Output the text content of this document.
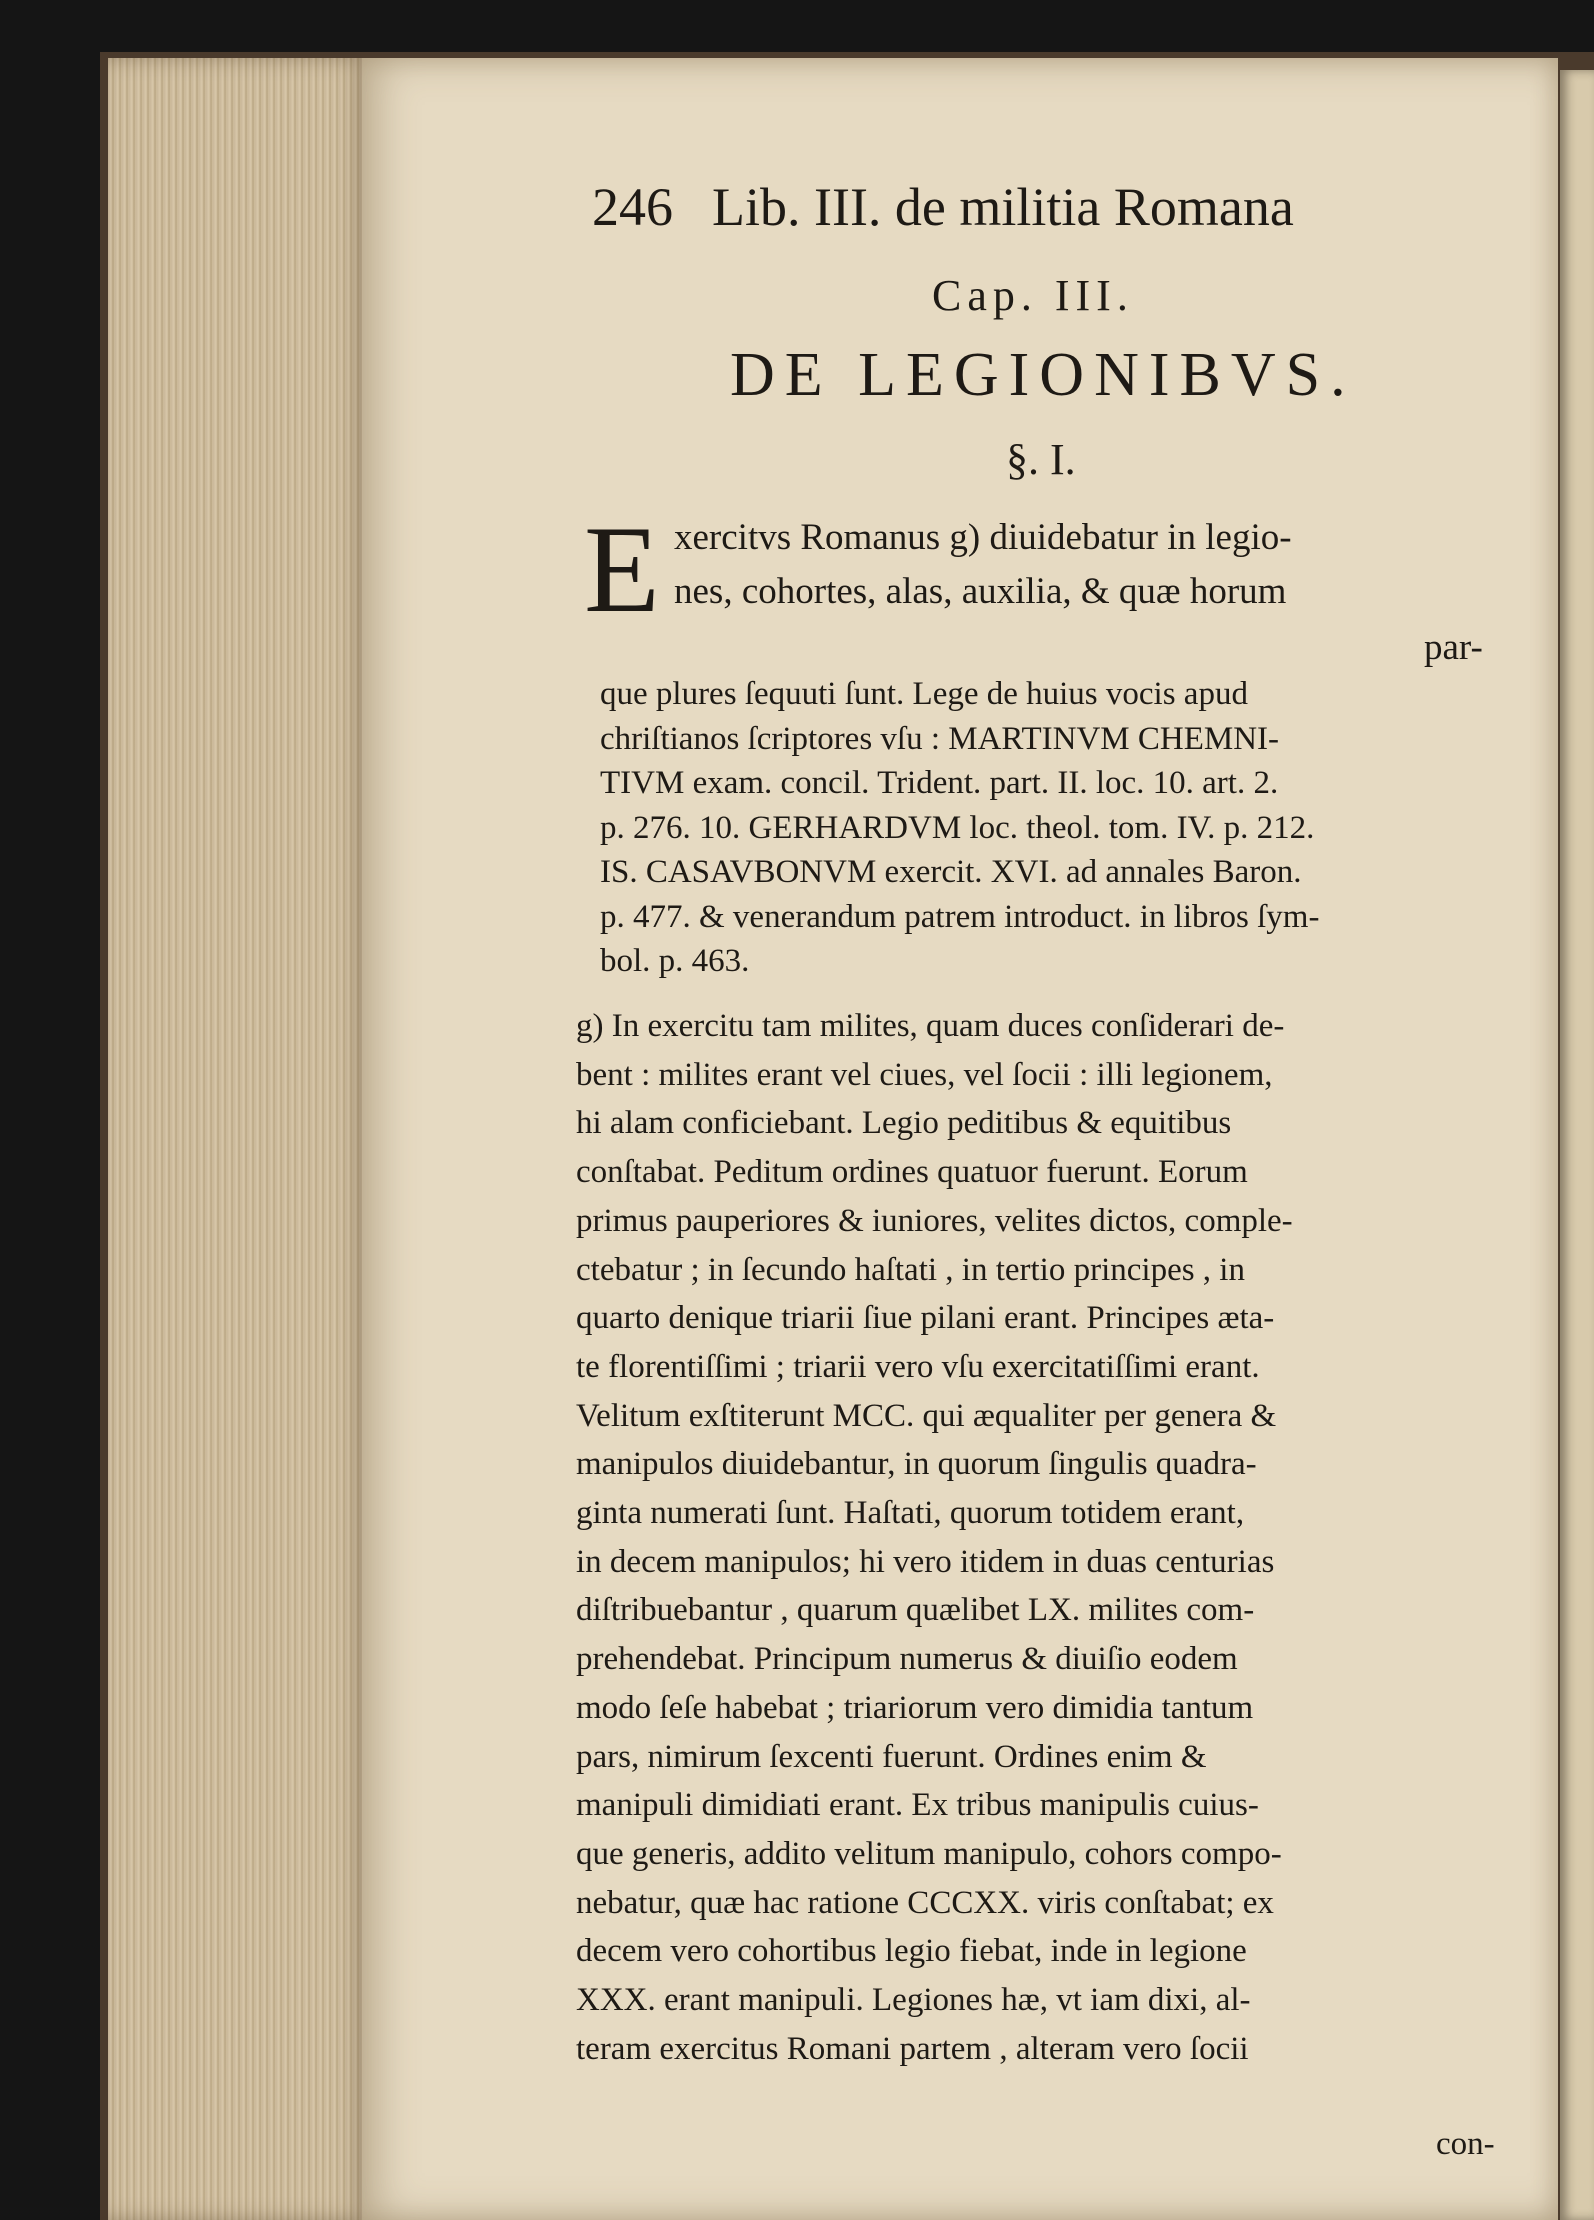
246 Lib. III. de militia Romana
Cap. III.
DE LEGIONIBVS.
§. I.
E xercitvs Romanus g) diuidebatur in legio-
nes, cohortes, alas, auxilia, & quæ horum
par-
que plures ſequuti ſunt. Lege de huius vocis apud
chriſtianos ſcriptores vſu : MARTINVM CHEMNI-
TIVM exam. concil. Trident. part. II. loc. 10. art. 2.
p. 276. 10. GERHARDVM loc. theol. tom. IV. p. 212.
IS. CASAVBONVM exercit. XVI. ad annales Baron.
p. 477. & venerandum patrem introduct. in libros ſym-
bol. p. 463.
g) In exercitu tam milites, quam duces conſiderari de-
bent : milites erant vel ciues, vel ſocii : illi legionem,
hi alam conficiebant. Legio peditibus & equitibus
conſtabat. Peditum ordines quatuor fuerunt. Eorum
primus pauperiores & iuniores, velites dictos, comple-
ctebatur ; in ſecundo haſtati , in tertio principes , in
quarto denique triarii ſiue pilani erant. Principes æta-
te florentiſſimi ; triarii vero vſu exercitatiſſimi erant.
Velitum exſtiterunt MCC. qui æqualiter per genera &
manipulos diuidebantur, in quorum ſingulis quadra-
ginta numerati ſunt. Haſtati, quorum totidem erant,
in decem manipulos; hi vero itidem in duas centurias
diſtribuebantur , quarum quælibet LX. milites com-
prehendebat. Principum numerus & diuiſio eodem
modo ſeſe habebat ; triariorum vero dimidia tantum
pars, nimirum ſexcenti fuerunt. Ordines enim &
manipuli dimidiati erant. Ex tribus manipulis cuius-
que generis, addito velitum manipulo, cohors compo-
nebatur, quæ hac ratione CCCXX. viris conſtabat; ex
decem vero cohortibus legio fiebat, inde in legione
XXX. erant manipuli. Legiones hæ, vt iam dixi, al-
teram exercitus Romani partem , alteram vero ſocii
con-
